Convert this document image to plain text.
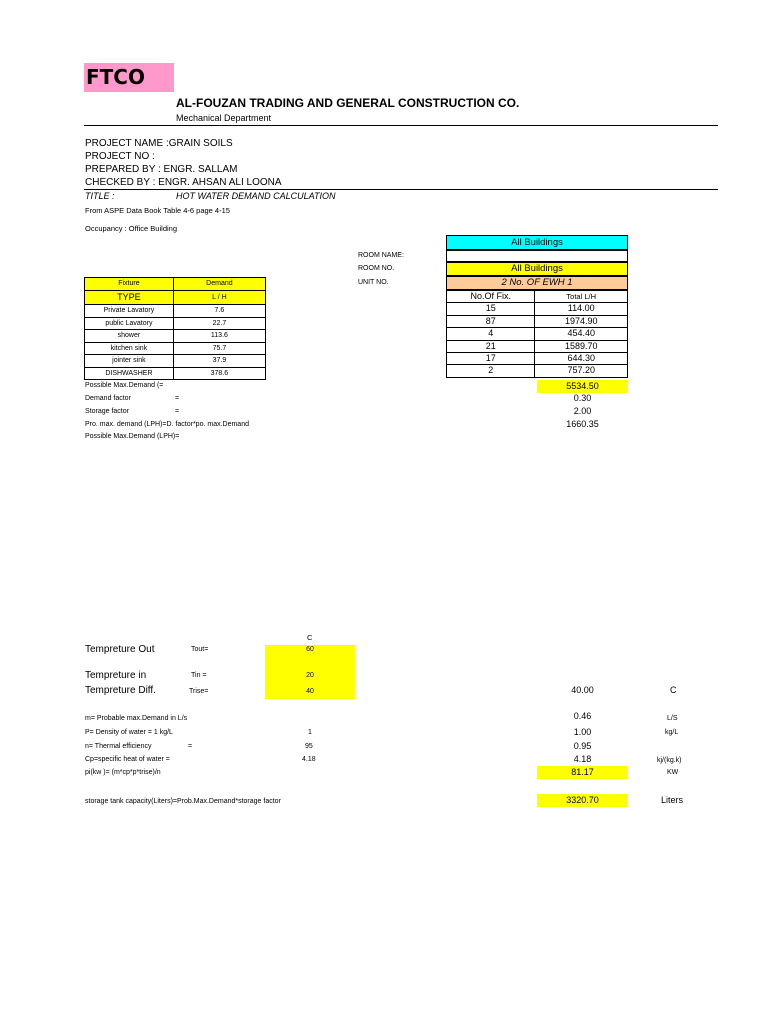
FTCO
AL-FOUZAN TRADING AND GENERAL CONSTRUCTION CO.
Mechanical Department
PROJECT NAME :GRAIN SOILS
PROJECT NO :
PREPARED BY : ENGR. SALLAM
CHECKED BY : ENGR. AHSAN ALI LOONA
TITLE :	HOT WATER DEMAND CALCULATION
From ASPE Data Book Table 4-6 page 4-15
Occupancy : Office Building
Fixture	Demand
TYPE	L / H
Private Lavatory	7.6
public Lavatory	22.7
shower	113.6
kitchen sink	75.7
jointer sink	37.9
DISHWASHER	378.6
All Buildings
All Buildings
2 No. OF EWH 1
ROOM NAME:
ROOM NO.
UNIT NO.
No.Of Fix.	Total L/H
15	114.00
87	1974.90
4	454.40
21	1589.70
17	644.30
2	757.20
Possible Max.Demand (=	5534.50
Demand factor	=	0.30
Storage factor	=	2.00
Pro. max. demand (LPH)=D. factor*po. max.Demand	1660.35
Possible Max.Demand (LPH)=
C
Tempreture Out	Tout=	60
Tempreture in	Tin =	20
Tempreture Diff.	Trise=	40	40.00	C
m= Probable max.Demand in L/s	0.46	L/S
P= Density of water = 1 kg/L	1	1.00	kg/L
n= Thermal efficiency	=	95	0.95
Cp=specific heat of water =	4.18	4.18	kj/(kg.k)
pi(kw )= (m*cp*p*trise)/n	81.17	KW
storage tank capacity(Liters)=Prob.Max.Demand*storage factor	3320.70	Liters
